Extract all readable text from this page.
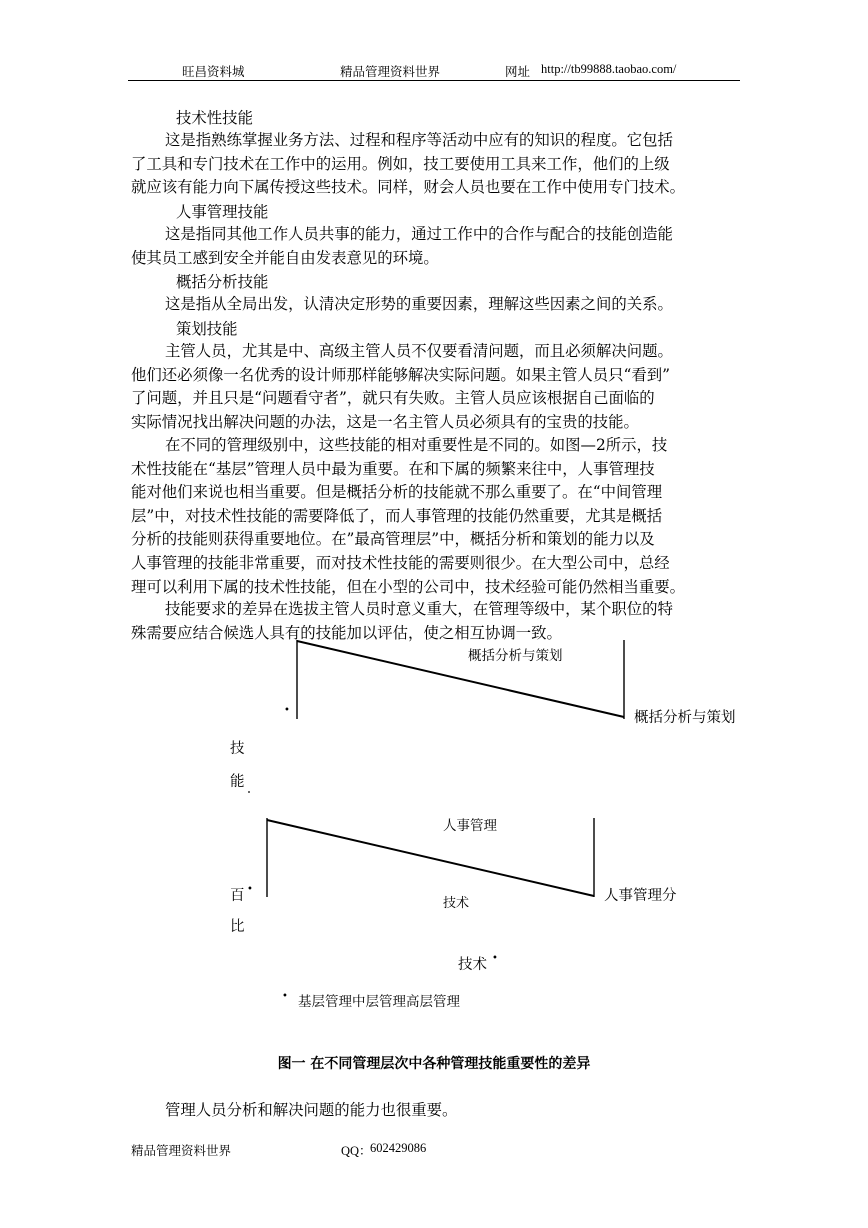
旺昌资料城	精品管理资料世界	网址 http://tb99888.taobao.com/
技术性技能
这是指熟练掌握业务方法、过程和程序等活动中应有的知识的程度。它包括
了工具和专门技术在工作中的运用。例如，技工要使用工具来工作，他们的上级
就应该有能力向下属传授这些技术。同样，财会人员也要在工作中使用专门技术。
人事管理技能
这是指同其他工作人员共事的能力，通过工作中的合作与配合的技能创造能
使其员工感到安全并能自由发表意见的环境。
概括分析技能
这是指从全局出发，认清决定形势的重要因素，理解这些因素之间的关系。
策划技能
主管人员，尤其是中、高级主管人员不仅要看清问题，而且必须解决问题。
他们还必须像一名优秀的设计师那样能够解决实际问题。如果主管人员只“看到”
了问题，并且只是“问题看守者”，就只有失败。主管人员应该根据自己面临的
实际情况找出解决问题的办法，这是一名主管人员必须具有的宝贵的技能。
在不同的管理级别中，这些技能的相对重要性是不同的。如图—2所示，技
术性技能在“基层”管理人员中最为重要。在和下属的频繁来往中，人事管理技
能对他们来说也相当重要。但是概括分析的技能就不那么重要了。在“中间管理
层”中，对技术性技能的需要降低了，而人事管理的技能仍然重要，尤其是概括
分析的技能则获得重要地位。在”最高管理层”中，概括分析和策划的能力以及
人事管理的技能非常重要，而对技术性技能的需要则很少。在大型公司中，总经
理可以利用下属的技术性技能，但在小型的公司中，技术经验可能仍然相当重要。
技能要求的差异在选拔主管人员时意义重大，在管理等级中，某个职位的特
殊需要应结合候选人具有的技能加以评估，使之相互协调一致。
概括分析与策划
•	概括分析与策划
技
能
人事管理
百 •
技术	人事管理分
比
技术 •
• 基层管理中层管理高层管理
图一 在不同管理层次中各种管理技能重要性的差异
管理人员分析和解决问题的能力也很重要。
精品管理资料世界	QQ：
602429086
